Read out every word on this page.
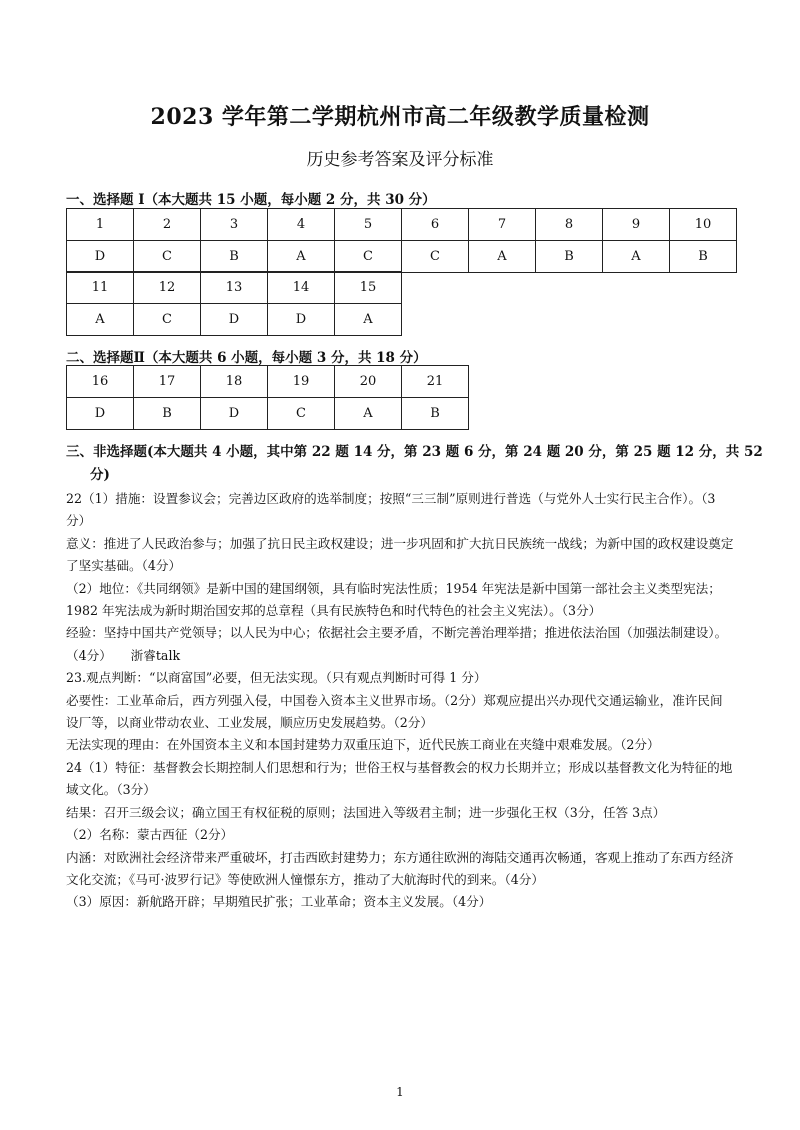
2023 学年第二学期杭州市高二年级教学质量检测
历史参考答案及评分标准
一、选择题 Ⅰ（本大题共 15 小题，每小题 2 分，共 30 分）
1	2	3	4	5	6	7	8	9	10
D	C	B	A	C	C	A	B	A	B
11	12	13	14	15
A	C	D	D	A
二、选择题Ⅱ（本大题共 6 小题，每小题 3 分，共 18 分）
16	17	18	19	20	21
D	B	D	C	A	B
三、非选择题(本大题共 4 小题，其中第 22 题 14 分，第 23 题 6 分，第 24 题 20 分，第 25 题 12 分，共 52
分)

22（1）措施：设置参议会；完善边区政府的选举制度；按照“三三制”原则进行普选（与党外人士实行民主合作）。（3分）

意义：推进了人民政治参与；加强了抗日民主政权建设；进一步巩固和扩大抗日民族统一战线；为新中国的政权建设奠定了坚实基础。（4分）

（2）地位：《共同纲领》是新中国的建国纲领，具有临时宪法性质；1954 年宪法是新中国第一部社会主义类型宪法；1982 年宪法成为新时期治国安邦的总章程（具有民族特色和时代特色的社会主义宪法）。（3分）

经验：坚持中国共产党领导；以人民为中心；依据社会主要矛盾，不断完善治理举措；推进依法治国（加强法制建设）。（4分）　　浙睿talk

23.观点判断：“以商富国”必要，但无法实现。（只有观点判断时可得 1 分）

必要性：工业革命后，西方列强入侵，中国卷入资本主义世界市场。（2分）郑观应提出兴办现代交通运输业，准许民间设厂等，以商业带动农业、工业发展，顺应历史发展趋势。（2分）

无法实现的理由：在外国资本主义和本国封建势力双重压迫下，近代民族工商业在夹缝中艰难发展。（2分）

24（1）特征：基督教会长期控制人们思想和行为；世俗王权与基督教会的权力长期并立；形成以基督教文化为特征的地域文化。（3分）

结果：召开三级会议；确立国王有权征税的原则；法国进入等级君主制；进一步强化王权（3分，任答 3点）

（2）名称：蒙古西征（2分）

内涵：对欧洲社会经济带来严重破坏，打击西欧封建势力；东方通往欧洲的海陆交通再次畅通，客观上推动了东西方经济文化交流；《马可·波罗行记》等使欧洲人憧憬东方，推动了大航海时代的到来。（4分）

（3）原因：新航路开辟；早期殖民扩张；工业革命；资本主义发展。（4分）

1
